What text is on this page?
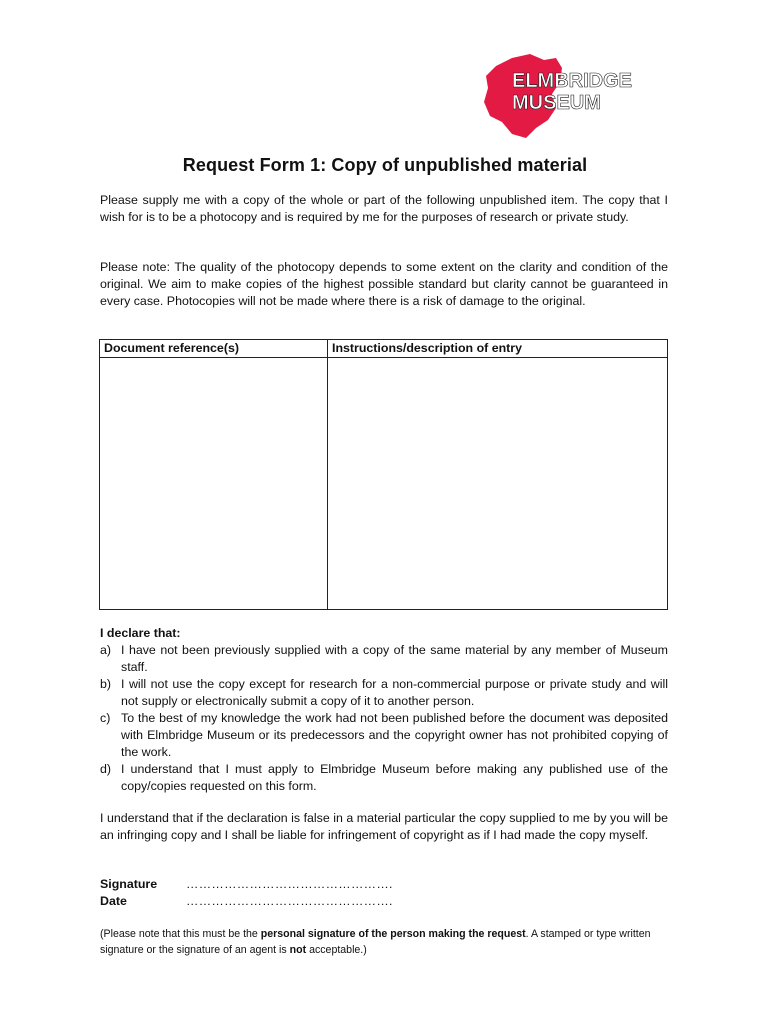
ELMBRIDGE
MUSEUM
Request Form 1: Copy of unpublished material
Please supply me with a copy of the whole or part of the following unpublished item. The copy that I wish for is to be a photocopy and is required by me for the purposes of research or private study.
Please note: The quality of the photocopy depends to some extent on the clarity and condition of the original. We aim to make copies of the highest possible standard but clarity cannot be guaranteed in every case. Photocopies will not be made where there is a risk of damage to the original.
Document reference(s)	Instructions/description of entry

I declare that:
a) I have not been previously supplied with a copy of the same material by any member of Museum staff.
b) I will not use the copy except for research for a non-commercial purpose or private study and will not supply or electronically submit a copy of it to another person.
c) To the best of my knowledge the work had not been published before the document was deposited with Elmbridge Museum or its predecessors and the copyright owner has not prohibited copying of the work.
d) I understand that I must apply to Elmbridge Museum before making any published use of the copy/copies requested on this form.
I understand that if the declaration is false in a material particular the copy supplied to me by you will be an infringing copy and I shall be liable for infringement of copyright as if I had made the copy myself.
Signature	………………………………………….
Date	………………………………………….
(Please note that this must be the personal signature of the person making the request. A stamped or type written signature or the signature of an agent is not acceptable.)
